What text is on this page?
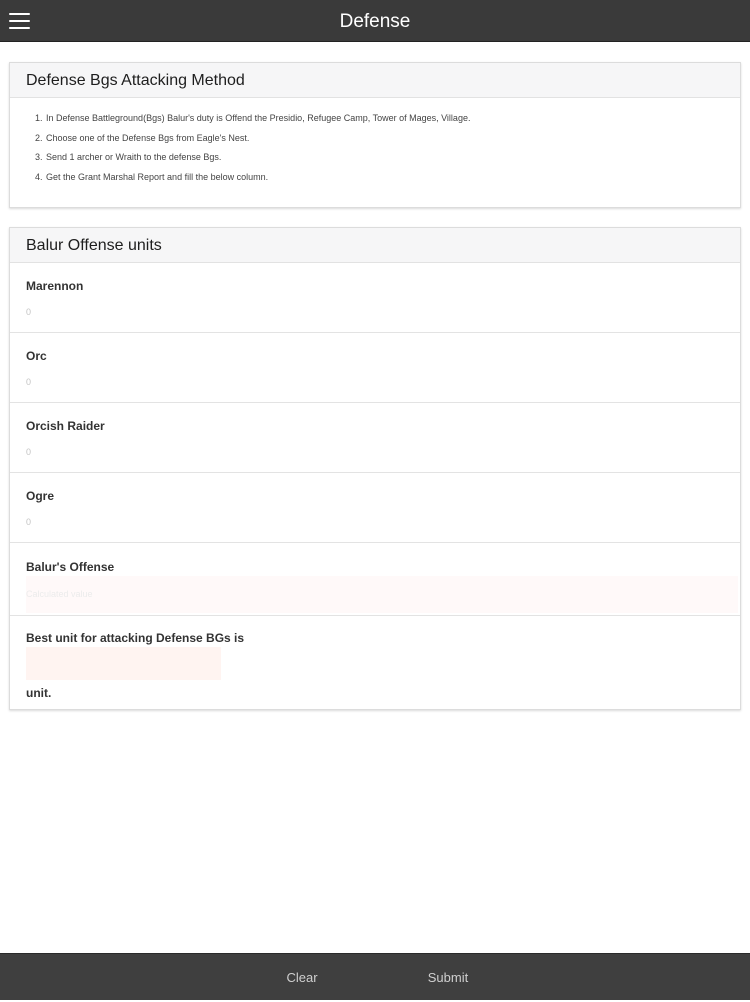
Defense
Defense Bgs Attacking Method
1. In Defense Battleground(Bgs) Balur's duty is Offend the Presidio, Refugee Camp, Tower of Mages, Village.
2. Choose one of the Defense Bgs from Eagle's Nest.
3. Send 1 archer or Wraith to the defense Bgs.
4. Get the Grant Marshal Report and fill the below column.
Balur Offense units
Marennon
0
Orc
0
Orcish Raider
0
Ogre
0
Balur's Offense
Calculated value
Best unit for attacking Defense BGs is
unit.
Clear	Submit
